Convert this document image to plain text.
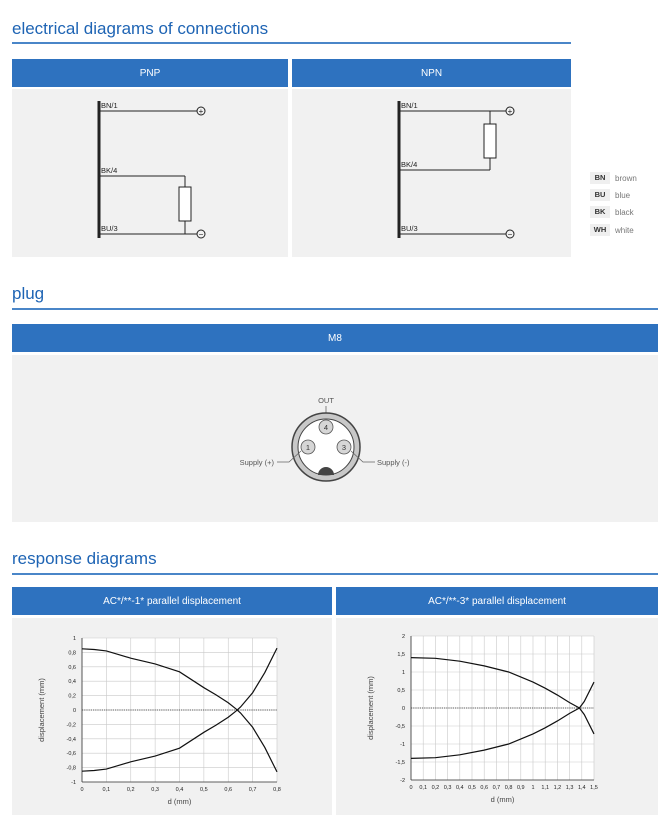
electrical diagrams of connections
PNP	NPN
BN/1
+
BK/4
BU/3
−
BN/1
+
BK/4
BU/3
−
BN	brown
BU	blue
BK	black
WH	white
plug
M8
OUT
4
1	3
Supply (+)	Supply (-)
response diagrams
AC*/**-1* parallel displacement	AC*/**-3* parallel displacement
0	0,1	0,2	0,3	0,4	0,5	0,6	0,7	0,8
-1
-0,8
-0,6
-0,4
-0,2
0
0,2
0,4
0,6
0,8
1
d (mm)
displacement (mm)
0 0,1 0,2 0,3 0,4 0,5 0,6 0,7 0,8 0,9 1 1,1 1,2 1,3 1,4 1,5
-2
-1,5
-1
-0,5
0
0,5
1
1,5
2
d (mm)
displacement (mm)
